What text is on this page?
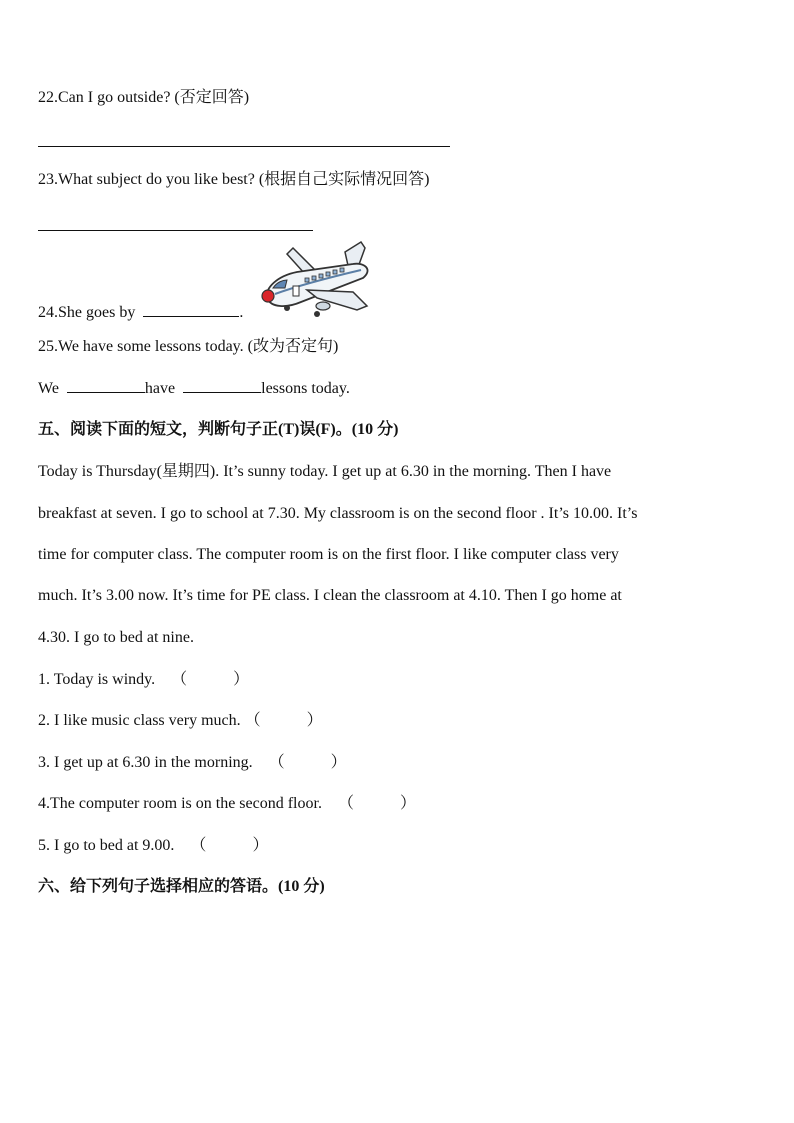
22.Can I go outside? (否定回答)
23.What subject do you like best? (根据自己实际情况回答)
24.She goes by	.
25.We have some lessons today. (改为否定句)
We	have	lessons today.
五、阅读下面的短文，判断句子正(T)误(F)。(10 分)
Today is Thursday(星期四). It’s sunny today. I get up at 6.30 in the morning. Then I have
breakfast at seven. I go to school at 7.30. My classroom is on the second floor . It’s 10.00. It’s
time for computer class. The computer room is on the first floor. I like computer class very
much. It’s 3.00 now. It’s time for PE class. I clean the classroom at 4.10. Then I go home at
4.30. I go to bed at nine.
1. Today is windy. （	）
2. I like music class very much. （	）
3. I get up at 6.30 in the morning. （	）
4.The computer room is on the second floor. （	）
5. I go to bed at 9.00. （	）
六、给下列句子选择相应的答语。(10 分)
